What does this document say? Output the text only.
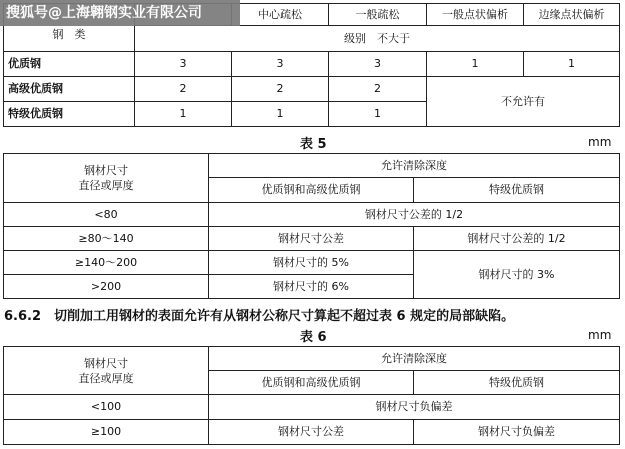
钢　类		中心疏松	一般疏松	一般点状偏析	边缘点状偏析
	级别　不大于				
优质钢	3	3	3	1	1
高级优质钢	2	2	2	不允许有	
特级优质钢	1	1	1		
搜狐号@上海翱钢实业有限公司
表 5	mm
钢材尺寸
直径或厚度	允许清除深度	
	优质钢和高级优质钢	特级优质钢
<80	钢材尺寸公差的 1/2	
≥80～140	钢材尺寸公差	钢材尺寸公差的 1/2
≥140～200	钢材尺寸的 5%	钢材尺寸的 3%
>200	钢材尺寸的 6%	
6.6.2　切削加工用钢材的表面允许有从钢材公称尺寸算起不超过表 6 规定的局部缺陷。
表 6	mm
钢材尺寸
直径或厚度	允许清除深度	
	优质钢和高级优质钢	特级优质钢
<100	钢材尺寸负偏差	
≥100	钢材尺寸公差	钢材尺寸负偏差
